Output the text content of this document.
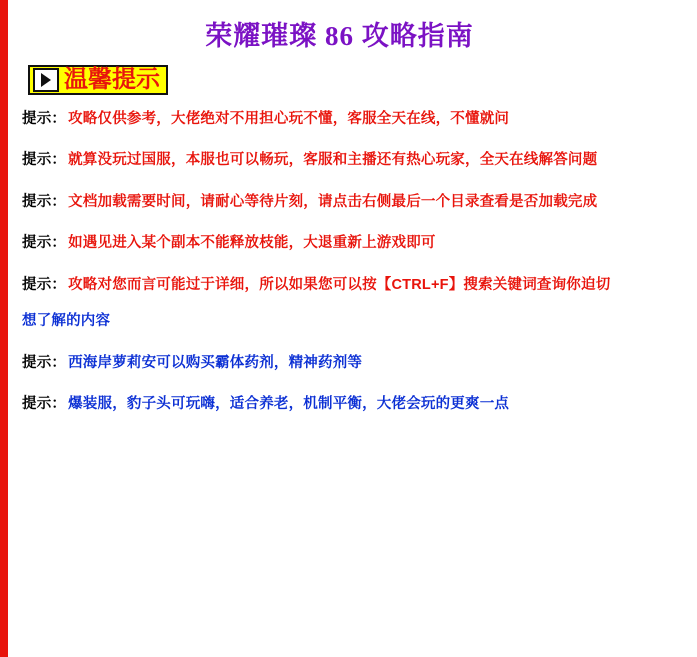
荣耀璀璨 86 攻略指南
温馨提示

提示： 攻略仅供参考，大佬绝对不用担心玩不懂，客服全天在线，不懂就问

提示： 就算没玩过国服，本服也可以畅玩，客服和主播还有热心玩家，全天在线解答问题

提示： 文档加载需要时间，请耐心等待片刻，请点击右侧最后一个目录查看是否加载完成

提示： 如遇见进入某个副本不能释放枝能，大退重新上游戏即可

提示： 攻略对您而言可能过于详细，所以如果您可以按【CTRL+F】搜索关键词查询你迫切

想了解的内容

提示： 西海岸萝莉安可以购买霸体药剂，精神药剂等

提示： 爆装服，豹子头可玩嗨，适合养老，机制平衡，大佬会玩的更爽一点
